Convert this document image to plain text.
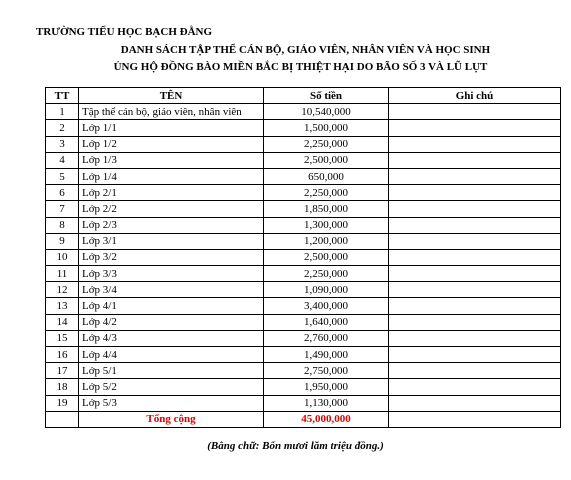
TRƯỜNG TIỂU HỌC BẠCH ĐẰNG
DANH SÁCH TẬP THỂ CÁN BỘ, GIÁO VIÊN, NHÂN VIÊN VÀ HỌC SINH
ỦNG HỘ ĐỒNG BÀO MIỀN BẮC BỊ THIỆT HẠI DO BÃO SỐ 3 VÀ LŨ LỤT
TT	TÊN	Số tiền	Ghi chú
1	Tập thể cán bộ, giáo viên, nhân viên	10,540,000	
2	Lớp 1/1	1,500,000	
3	Lớp 1/2	2,250,000	
4	Lớp 1/3	2,500,000	
5	Lớp 1/4	650,000	
6	Lớp 2/1	2,250,000	
7	Lớp 2/2	1,850,000	
8	Lớp 2/3	1,300,000	
9	Lớp 3/1	1,200,000	
10	Lớp 3/2	2,500,000	
11	Lớp 3/3	2,250,000	
12	Lớp 3/4	1,090,000	
13	Lớp 4/1	3,400,000	
14	Lớp 4/2	1,640,000	
15	Lớp 4/3	2,760,000	
16	Lớp 4/4	1,490,000	
17	Lớp 5/1	2,750,000	
18	Lớp 5/2	1,950,000	
19	Lớp 5/3	1,130,000	
	Tổng cộng	45,000,000	
(Bằng chữ: Bốn mươi lăm triệu đồng.)
